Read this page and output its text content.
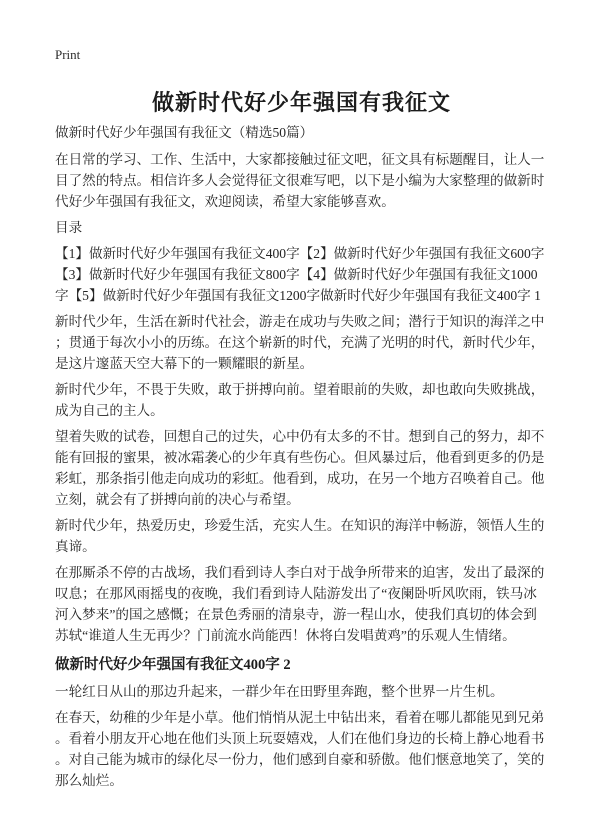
Print
做新时代好少年强国有我征文

做新时代好少年强国有我征文（精选50篇）

在日常的学习、工作、生活中，大家都接触过征文吧，征文具有标题醒目，让人一目了然的特点。相信许多人会觉得征文很难写吧，以下是小编为大家整理的做新时代好少年强国有我征文，欢迎阅读，希望大家能够喜欢。

目录

【1】做新时代好少年强国有我征文400字【2】做新时代好少年强国有我征文600字【3】做新时代好少年强国有我征文800字【4】做新时代好少年强国有我征文1000字【5】做新时代好少年强国有我征文1200字做新时代好少年强国有我征文400字 1

新时代少年，生活在新时代社会，游走在成功与失败之间；潜行于知识的海洋之中；贯通于每次小小的历练。在这个崭新的时代，充满了光明的时代，新时代少年，是这片邃蓝天空大幕下的一颗耀眼的新星。

新时代少年，不畏于失败，敢于拼搏向前。望着眼前的失败，却也敢向失败挑战，成为自己的主人。

望着失败的试卷，回想自己的过失，心中仍有太多的不甘。想到自己的努力，却不能有回报的蜜果，被冰霜袭心的少年真有些伤心。但风暴过后，他看到更多的仍是彩虹，那条指引他走向成功的彩虹。他看到，成功，在另一个地方召唤着自己。他立刻，就会有了拼搏向前的决心与希望。

新时代少年，热爱历史，珍爱生活，充实人生。在知识的海洋中畅游，领悟人生的真谛。

在那厮杀不停的古战场，我们看到诗人李白对于战争所带来的迫害，发出了最深的叹息；在那风雨摇曳的夜晚，我们看到诗人陆游发出了“夜阑卧听风吹雨，铁马冰河入梦来”的国之感慨；在景色秀丽的清泉寺，游一程山水，使我们真切的体会到苏轼“谁道人生无再少？门前流水尚能西！休将白发唱黄鸡”的乐观人生情绪。

做新时代好少年强国有我征文400字 2

一轮红日从山的那边升起来，一群少年在田野里奔跑，整个世界一片生机。

在春天，幼稚的少年是小草。他们悄悄从泥土中钻出来，看着在哪儿都能见到兄弟。看着小朋友开心地在他们头顶上玩耍嬉戏，人们在他们身边的长椅上静心地看书。对自己能为城市的绿化尽一份力，他们感到自豪和骄傲。他们惬意地笑了，笑的那么灿烂。
